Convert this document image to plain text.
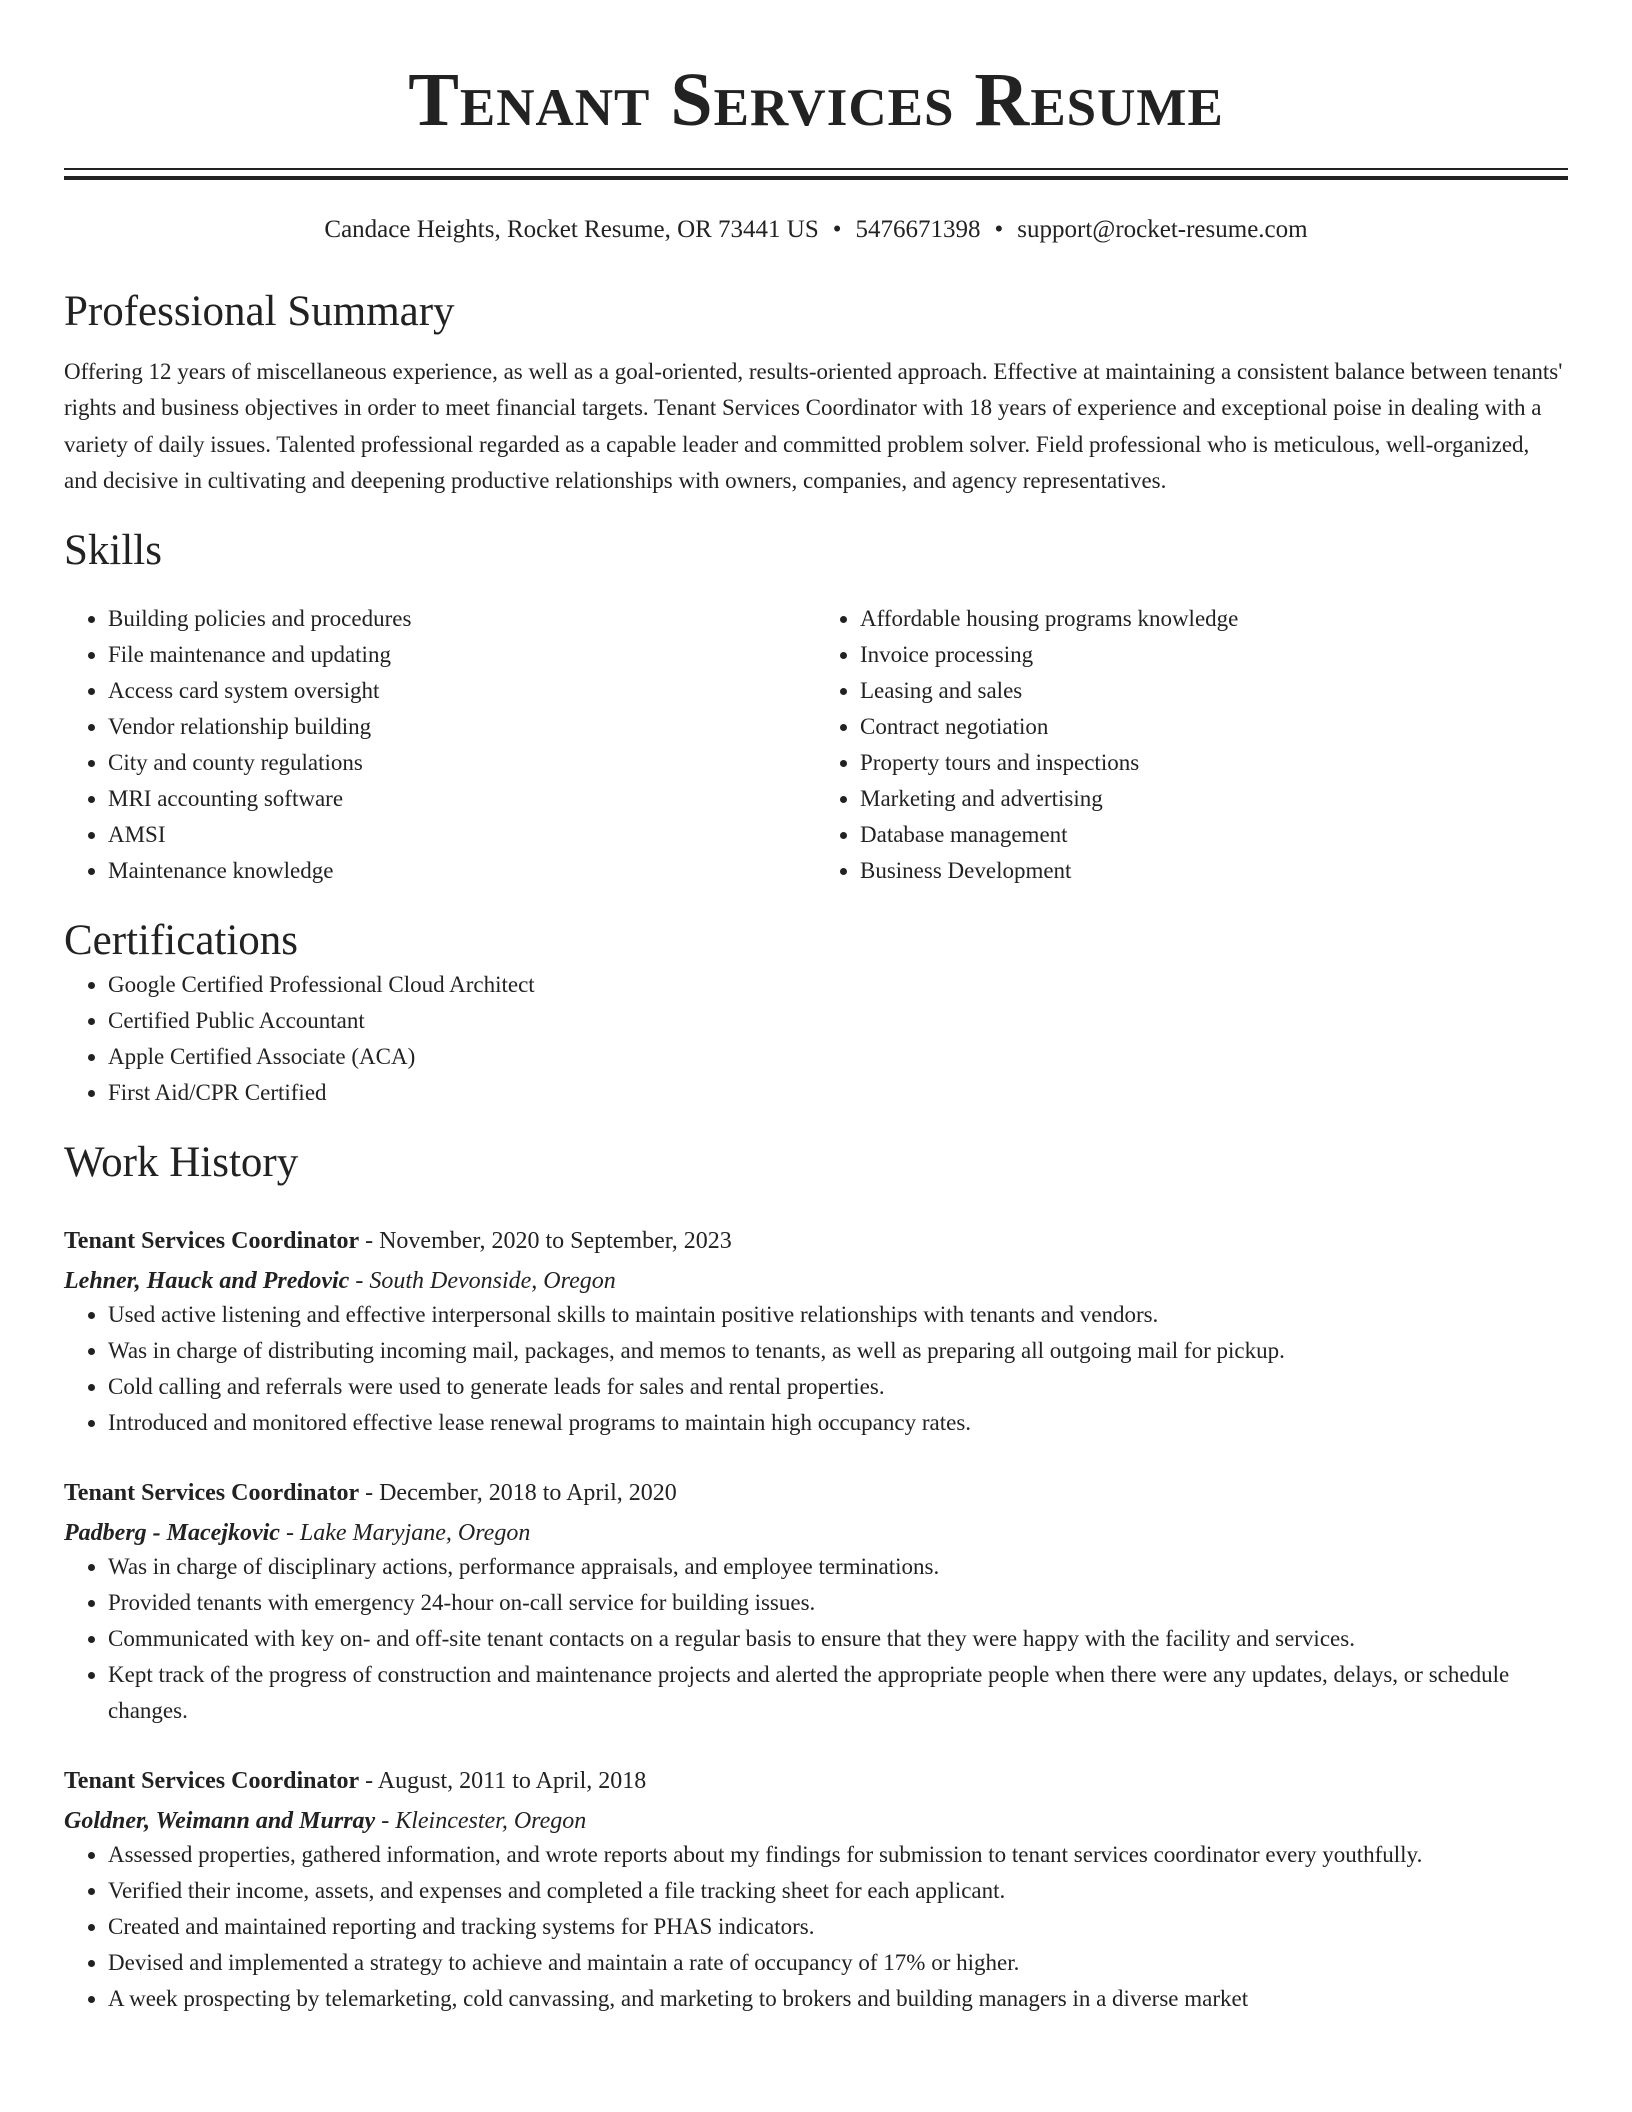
Tenant Services Resume
Candace Heights, Rocket Resume, OR 73441 US • 5476671398 • support@rocket-resume.com
Professional Summary

Offering 12 years of miscellaneous experience, as well as a goal-oriented, results-oriented approach. Effective at maintaining a consistent balance between tenants' rights and business objectives in order to meet financial targets. Tenant Services Coordinator with 18 years of experience and exceptional poise in dealing with a variety of daily issues. Talented professional regarded as a capable leader and committed problem solver. Field professional who is meticulous, well-organized, and decisive in cultivating and deepening productive relationships with owners, companies, and agency representatives.

Skills
• Building policies and procedures
• File maintenance and updating
• Access card system oversight
• Vendor relationship building
• City and county regulations
• MRI accounting software
• AMSI
• Maintenance knowledge
• Affordable housing programs knowledge
• Invoice processing
• Leasing and sales
• Contract negotiation
• Property tours and inspections
• Marketing and advertising
• Database management
• Business Development
Certifications
• Google Certified Professional Cloud Architect
• Certified Public Accountant
• Apple Certified Associate (ACA)
• First Aid/CPR Certified
Work History
Tenant Services Coordinator - November, 2020 to September, 2023
Lehner, Hauck and Predovic - South Devonside, Oregon
• Used active listening and effective interpersonal skills to maintain positive relationships with tenants and vendors.
• Was in charge of distributing incoming mail, packages, and memos to tenants, as well as preparing all outgoing mail for pickup.
• Cold calling and referrals were used to generate leads for sales and rental properties.
• Introduced and monitored effective lease renewal programs to maintain high occupancy rates.
Tenant Services Coordinator - December, 2018 to April, 2020
Padberg - Macejkovic - Lake Maryjane, Oregon
• Was in charge of disciplinary actions, performance appraisals, and employee terminations.
• Provided tenants with emergency 24-hour on-call service for building issues.
• Communicated with key on- and off-site tenant contacts on a regular basis to ensure that they were happy with the facility and services.
• Kept track of the progress of construction and maintenance projects and alerted the appropriate people when there were any updates, delays, or schedule changes.
Tenant Services Coordinator - August, 2011 to April, 2018
Goldner, Weimann and Murray - Kleincester, Oregon
• Assessed properties, gathered information, and wrote reports about my findings for submission to tenant services coordinator every youthfully.
• Verified their income, assets, and expenses and completed a file tracking sheet for each applicant.
• Created and maintained reporting and tracking systems for PHAS indicators.
• Devised and implemented a strategy to achieve and maintain a rate of occupancy of 17% or higher.
• A week prospecting by telemarketing, cold canvassing, and marketing to brokers and building managers in a diverse market
